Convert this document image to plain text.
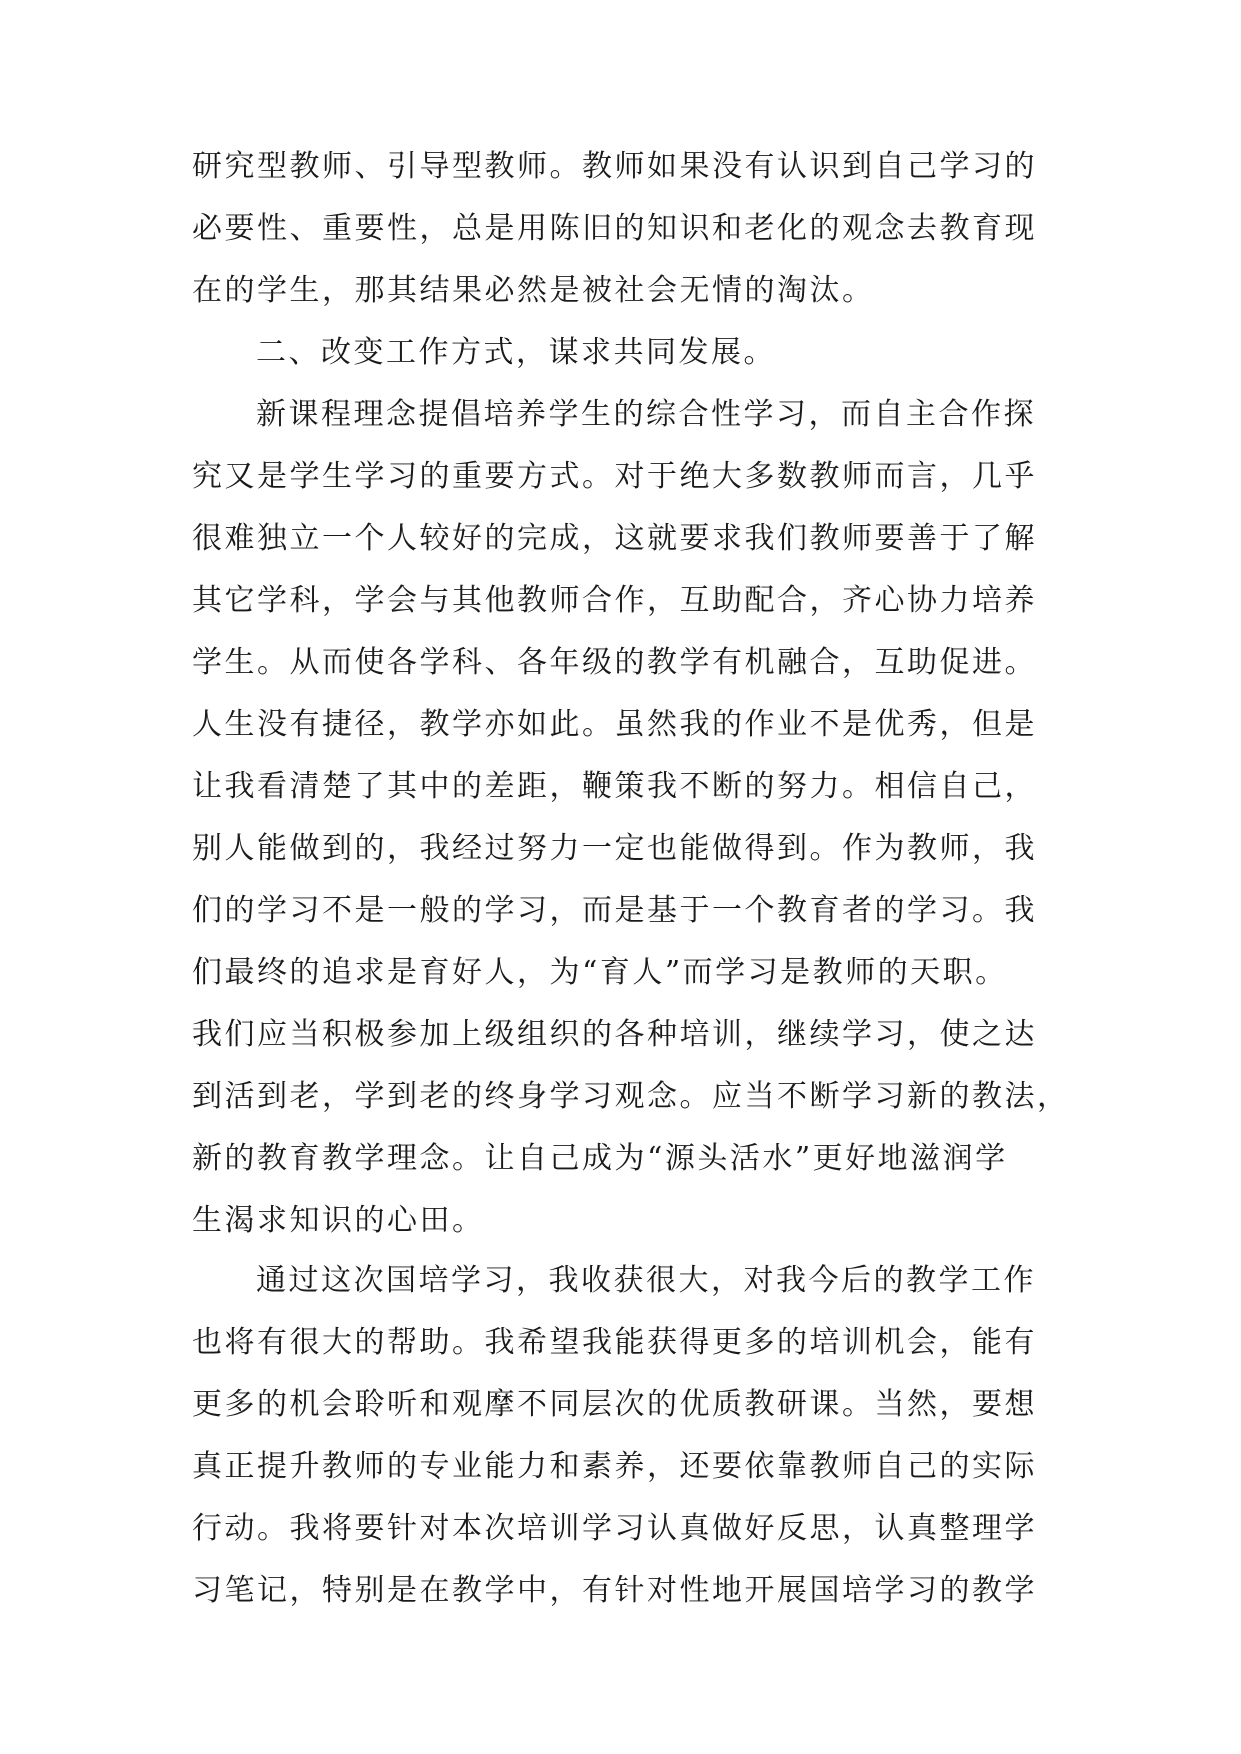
研究型教师、引导型教师。教师如果没有认识到自己学习的
必要性、重要性，总是用陈旧的知识和老化的观念去教育现
在的学生，那其结果必然是被社会无情的淘汰。
二、改变工作方式，谋求共同发展。
新课程理念提倡培养学生的综合性学习，而自主合作探
究又是学生学习的重要方式。对于绝大多数教师而言，几乎
很难独立一个人较好的完成，这就要求我们教师要善于了解
其它学科，学会与其他教师合作，互助配合，齐心协力培养
学生。从而使各学科、各年级的教学有机融合，互助促进。
人生没有捷径，教学亦如此。虽然我的作业不是优秀，但是
让我看清楚了其中的差距，鞭策我不断的努力。相信自己，
别人能做到的，我经过努力一定也能做得到。作为教师，我
们的学习不是一般的学习，而是基于一个教育者的学习。我
们最终的追求是育好人，为“育人”而学习是教师的天职。
我们应当积极参加上级组织的各种培训，继续学习，使之达
到活到老，学到老的终身学习观念。应当不断学习新的教法，
新的教育教学理念。让自己成为“源头活水”更好地滋润学
生渴求知识的心田。
通过这次国培学习，我收获很大，对我今后的教学工作
也将有很大的帮助。我希望我能获得更多的培训机会，能有
更多的机会聆听和观摩不同层次的优质教研课。当然，要想
真正提升教师的专业能力和素养，还要依靠教师自己的实际
行动。我将要针对本次培训学习认真做好反思，认真整理学
习笔记，特别是在教学中，有针对性地开展国培学习的教学
